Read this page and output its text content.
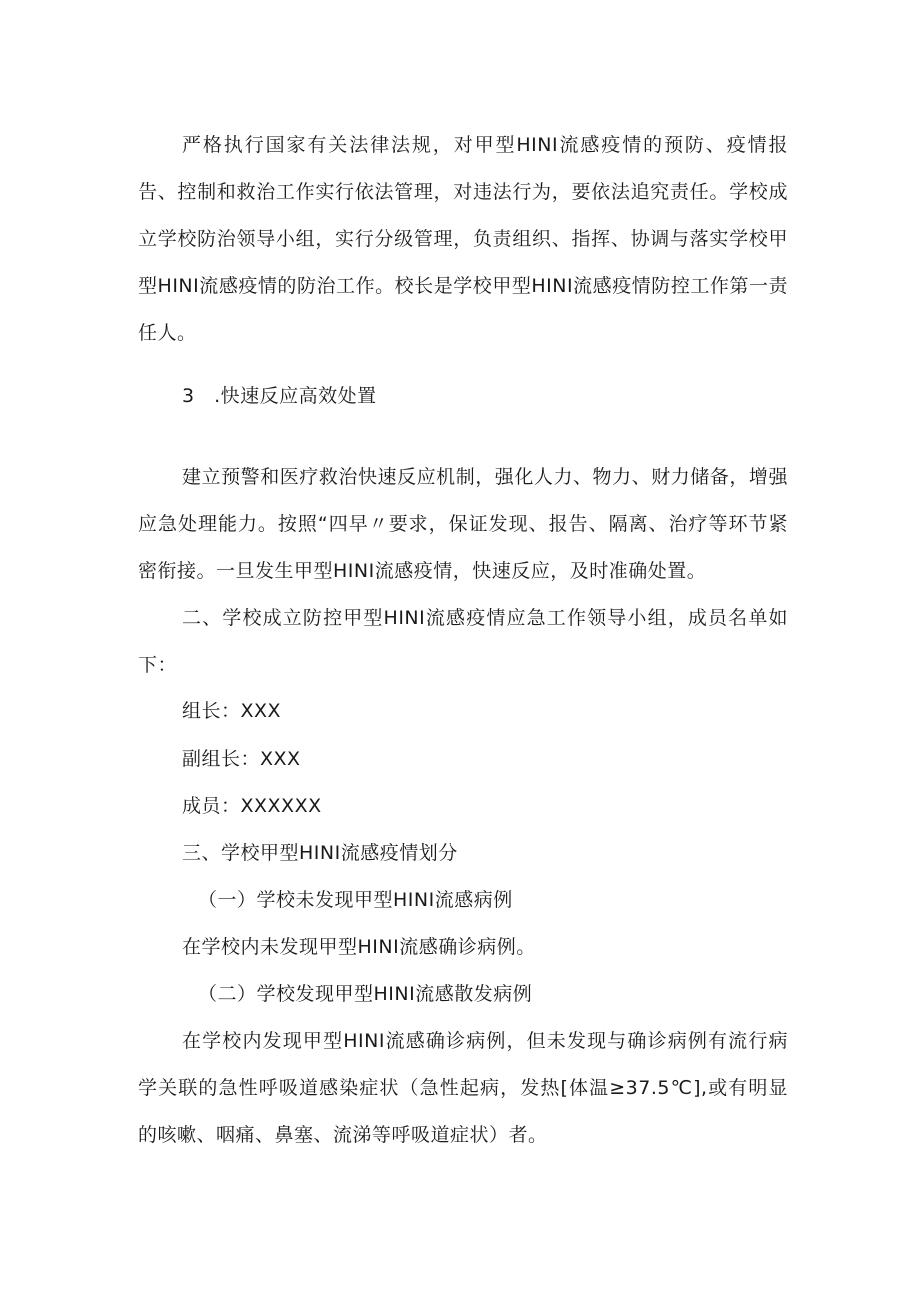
严格执行国家有关法律法规，对甲型HINI流感疫情的预防、疫情报告、控制和救治工作实行依法管理，对违法行为，要依法追究责任。学校成立学校防治领导小组，实行分级管理，负责组织、指挥、协调与落实学校甲型HINI流感疫情的防治工作。校长是学校甲型HINI流感疫情防控工作第一责任人。

3　.快速反应高效处置

建立预警和医疗救治快速反应机制，强化人力、物力、财力储备，增强应急处理能力。按照“四早〃要求，保证发现、报告、隔离、治疗等环节紧密衔接。一旦发生甲型HINI流感疫情，快速反应，及时准确处置。

二、学校成立防控甲型HINI流感疫情应急工作领导小组，成员名单如下：

组长：XXX

副组长：XXX

成员：XXXXXX

三、学校甲型HINI流感疫情划分

（一）学校未发现甲型HINI流感病例

在学校内未发现甲型HINI流感确诊病例。

（二）学校发现甲型HINI流感散发病例

在学校内发现甲型HINI流感确诊病例，但未发现与确诊病例有流行病学关联的急性呼吸道感染症状（急性起病，发热[体温≥37.5℃],或有明显的咳嗽、咽痛、鼻塞、流涕等呼吸道症状）者。
